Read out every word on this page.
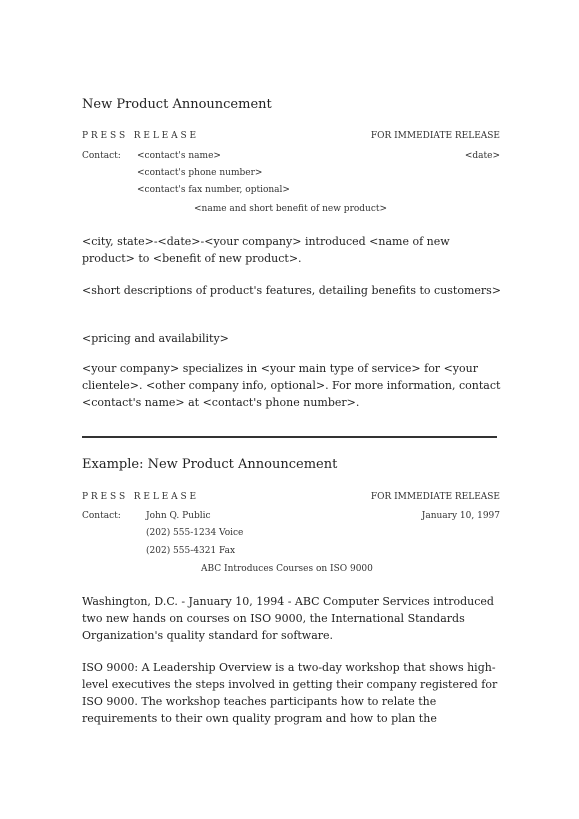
New Product Announcement
P R E S S   R E L E A S E	FOR IMMEDIATE RELEASE
Contact: <contact's name>	<date>
<contact's phone number>
<contact's fax number, optional>
<name and short benefit of new product>

<city, state>-<date>-<your company> introduced <name of new product> to <benefit of new product>.

<short descriptions of product's features, detailing benefits to customers>

<pricing and availability>

<your company> specializes in <your main type of service> for <your clientele>. <other company info, optional>. For more information, contact <contact's name> at <contact's phone number>.

Example: New Product Announcement
P R E S S   R E L E A S E	FOR IMMEDIATE RELEASE
Contact:	John Q. Public	January 10, 1997
(202) 555-1234 Voice
(202) 555-4321 Fax
ABC Introduces Courses on ISO 9000

Washington, D.C. - January 10, 1994 - ABC Computer Services introduced two new hands on courses on ISO 9000, the International Standards Organization's quality standard for software.

ISO 9000: A Leadership Overview is a two-day workshop that shows high-level executives the steps involved in getting their company registered for ISO 9000. The workshop teaches participants how to relate the requirements to their own quality program and how to plan the
